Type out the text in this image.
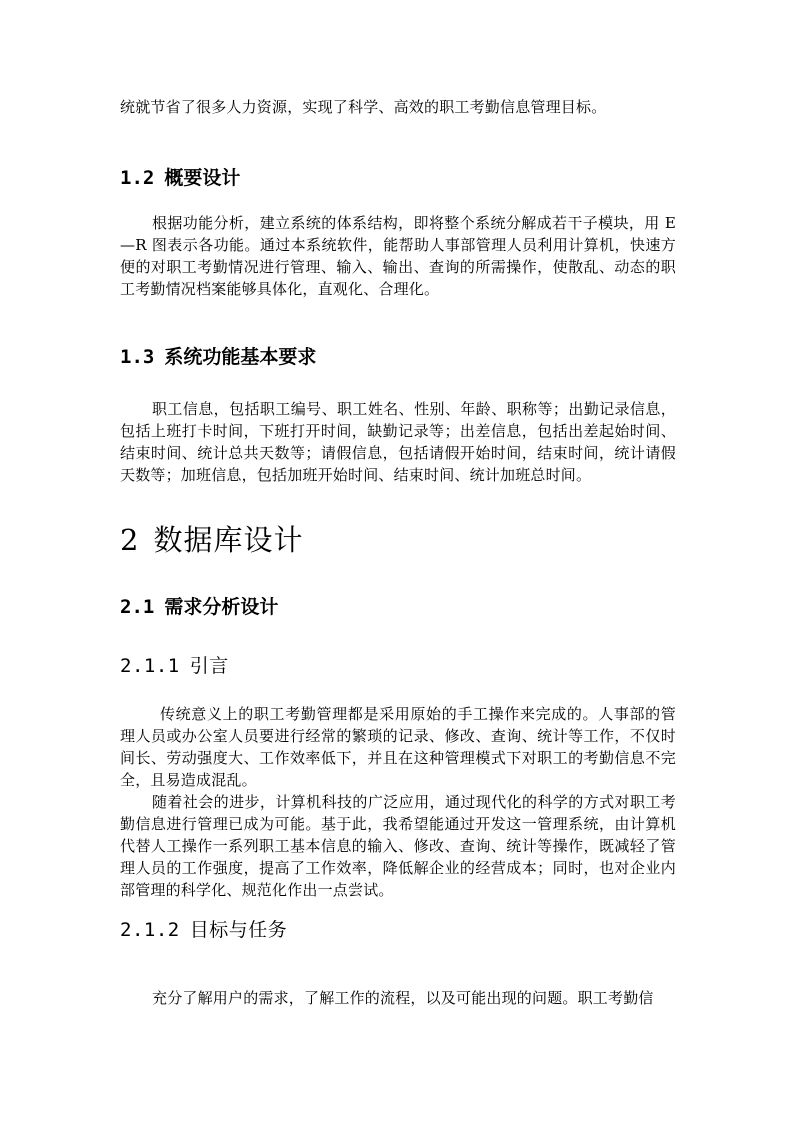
统就节省了很多人力资源，实现了科学、高效的职工考勤信息管理目标。

1.2 概要设计

根据功能分析，建立系统的体系结构，即将整个系统分解成若干子模块，用 E—R 图表示各功能。通过本系统软件，能帮助人事部管理人员利用计算机，快速方便的对职工考勤情况进行管理、输入、输出、查询的所需操作，使散乱、动态的职工考勤情况档案能够具体化，直观化、合理化。

1.3 系统功能基本要求

职工信息，包括职工编号、职工姓名、性别、年龄、职称等；出勤记录信息，包括上班打卡时间，下班打开时间，缺勤记录等；出差信息，包括出差起始时间、结束时间、统计总共天数等；请假信息，包括请假开始时间，结束时间，统计请假天数等；加班信息，包括加班开始时间、结束时间、统计加班总时间。

2 数据库设计
2.1 需求分析设计
2.1.1 引言

传统意义上的职工考勤管理都是采用原始的手工操作来完成的。人事部的管理人员或办公室人员要进行经常的繁琐的记录、修改、查询、统计等工作，不仅时间长、劳动强度大、工作效率低下，并且在这种管理模式下对职工的考勤信息不完全，且易造成混乱。

随着社会的进步，计算机科技的广泛应用，通过现代化的科学的方式对职工考勤信息进行管理已成为可能。基于此，我希望能通过开发这一管理系统，由计算机代替人工操作一系列职工基本信息的输入、修改、查询、统计等操作，既减轻了管理人员的工作强度，提高了工作效率，降低解企业的经营成本；同时，也对企业内部管理的科学化、规范化作出一点尝试。

2.1.2 目标与任务

充分了解用户的需求，了解工作的流程，以及可能出现的问题。职工考勤信
